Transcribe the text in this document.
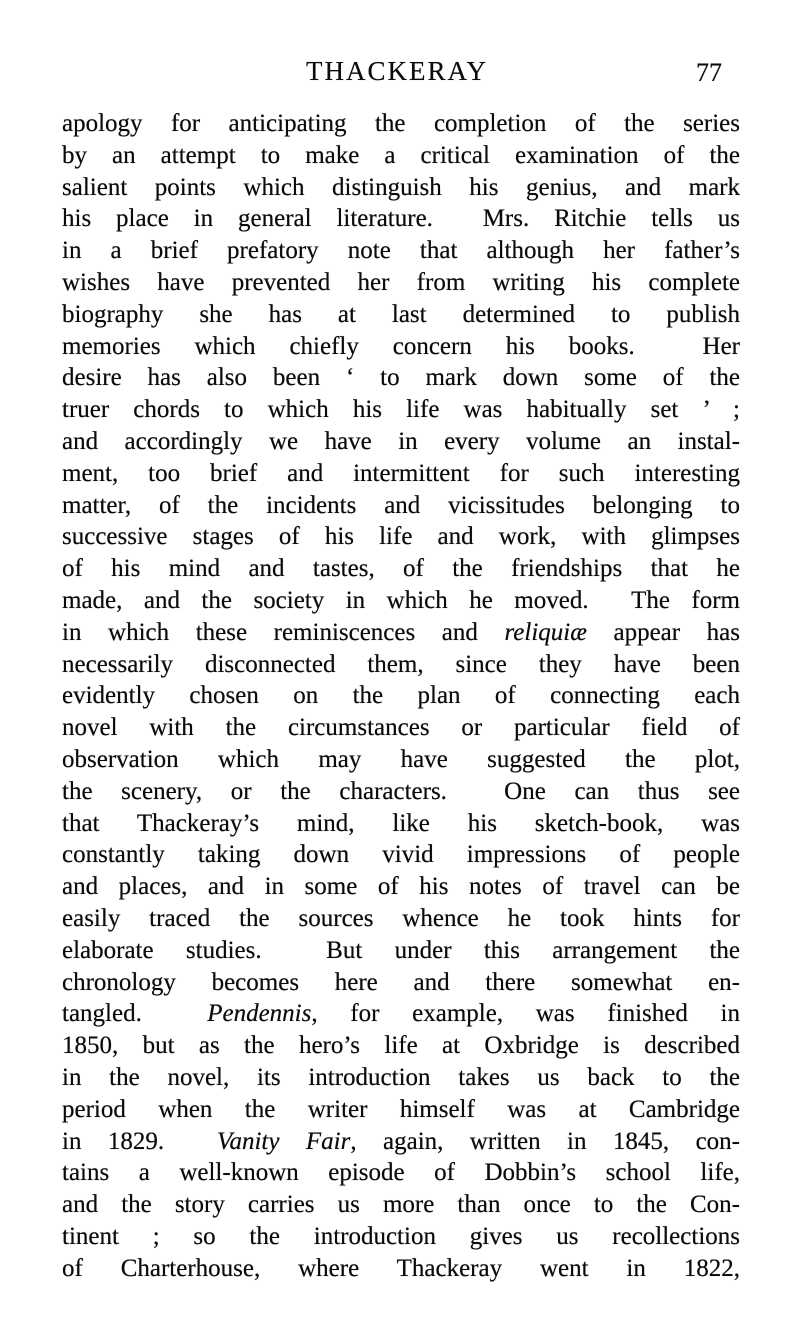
THACKERAY	77
apology for anticipating the completion of the series
by an attempt to make a critical examination of the
salient points which distinguish his genius, and mark
his place in general literature.  Mrs. Ritchie tells us
in a brief prefatory note that although her father’s
wishes have prevented her from writing his complete
biography she has at last determined to publish
memories which chiefly concern his books.  Her
desire has also been ‘ to mark down some of the
truer chords to which his life was habitually set ’ ;
and accordingly we have in every volume an instal-
ment, too brief and intermittent for such interesting
matter, of the incidents and vicissitudes belonging to
successive stages of his life and work, with glimpses
of his mind and tastes, of the friendships that he
made, and the society in which he moved.  The form
in which these reminiscences and reliquiæ appear has
necessarily disconnected them, since they have been
evidently chosen on the plan of connecting each
novel with the circumstances or particular field of
observation which may have suggested the plot,
the scenery, or the characters.  One can thus see
that Thackeray’s mind, like his sketch-book, was
constantly taking down vivid impressions of people
and places, and in some of his notes of travel can be
easily traced the sources whence he took hints for
elaborate studies.  But under this arrangement the
chronology becomes here and there somewhat en-
tangled.  Pendennis, for example, was finished in
1850, but as the hero’s life at Oxbridge is described
in the novel, its introduction takes us back to the
period when the writer himself was at Cambridge
in 1829.  Vanity Fair, again, written in 1845, con-
tains a well-known episode of Dobbin’s school life,
and the story carries us more than once to the Con-
tinent ; so the introduction gives us recollections
of Charterhouse, where Thackeray went in 1822,
